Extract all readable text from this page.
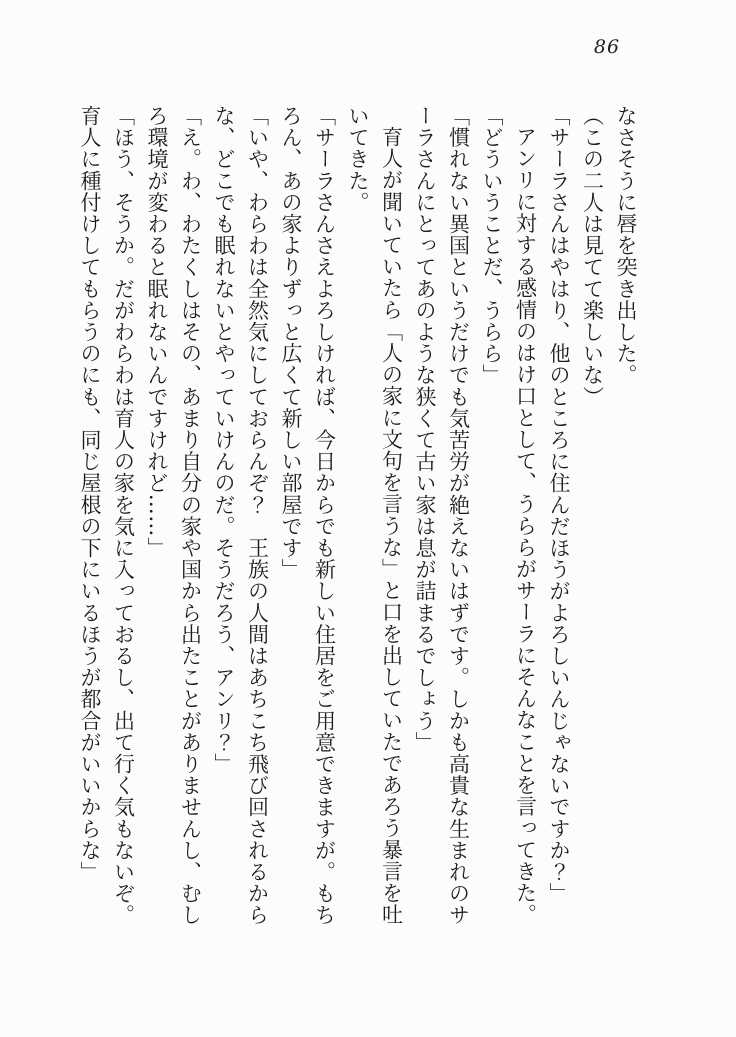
86

なさそうに唇を突き出した。

（この二人は見てて楽しいな）

「サーラさんはやはり、他のところに住んだほうがよろしいんじゃないですか？」

アンリに対する感情のはけ口として、うららがサーラにそんなことを言ってきた。

「どういうことだ、うらら」

「慣れない異国というだけでも気苦労が絶えないはずです。しかも高貴な生まれのサーラさんにとってあのような狭くて古い家は息が詰まるでしょう」

育人が聞いていたら「人の家に文句を言うな」と口を出していたであろう暴言を吐いてきた。

「サーラさんさえよろしければ、今日からでも新しい住居をご用意できますが。もちろん、あの家よりずっと広くて新しい部屋です」

「いや、わらわは全然気にしておらんぞ？　王族の人間はあちこち飛び回されるからな、どこでも眠れないとやっていけんのだ。そうだろう、アンリ？」

「え。わ、わたくしはその、あまり自分の家や国から出たことがありませんし、むしろ環境が変わると眠れないんですけれど……」

「ほう、そうか。だがわらわは育人の家を気に入っておるし、出て行く気もないぞ。育人に種付けしてもらうのにも、同じ屋根の下にいるほうが都合がいいからな」
